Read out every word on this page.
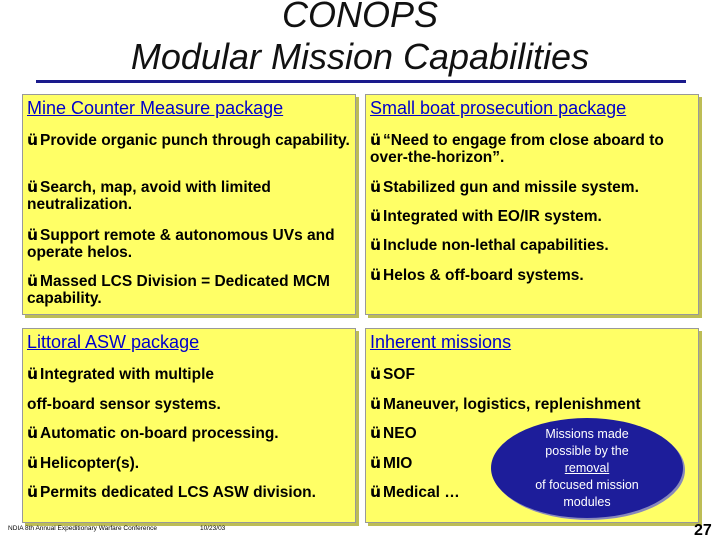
CONOPS
Modular Mission Capabilities
Mine Counter Measure package
ü Provide organic punch through capability.
ü Search, map, avoid with limited neutralization.
ü Support remote & autonomous UVs and operate helos.
ü Massed LCS Division = Dedicated MCM capability.
Small boat prosecution package
ü “Need to engage from close aboard to over-the-horizon”.
ü Stabilized gun and missile system.
ü Integrated with EO/IR system.
ü Include non-lethal capabilities.
ü Helos & off-board systems.
Littoral ASW package
ü Integrated with multiple
off-board sensor systems.
ü Automatic on-board processing.
ü Helicopter(s).
ü Permits dedicated LCS ASW division.
Inherent missions
ü SOF
ü Maneuver, logistics, replenishment
ü NEO
ü MIO
ü Medical …
Missions made possible by the
removal
of focused mission modules
NDIA 8th Annual Expeditionary Warfare Conference	10/23/03	27
